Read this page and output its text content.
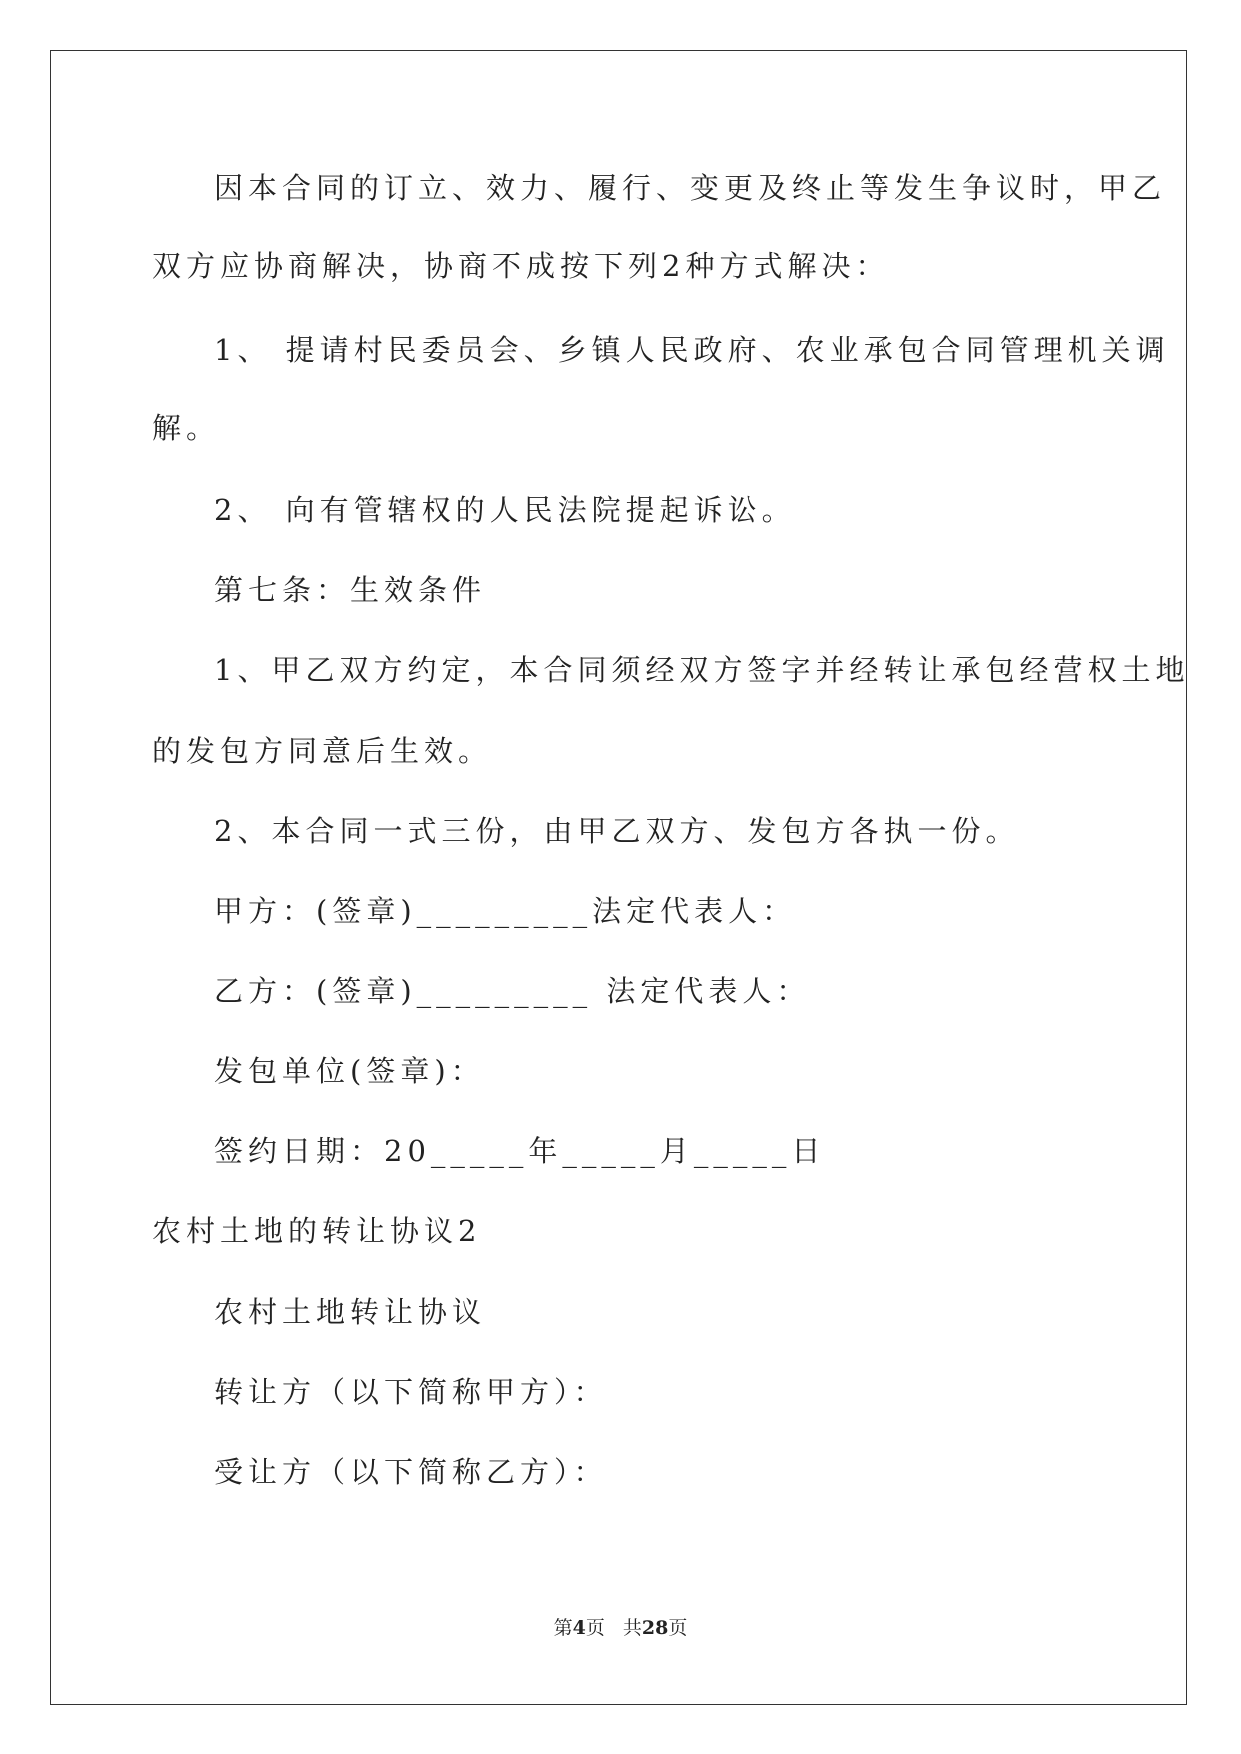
因本合同的订立、效力、履行、变更及终止等发生争议时，甲乙
双方应协商解决，协商不成按下列2种方式解决：
1、 提请村民委员会、乡镇人民政府、农业承包合同管理机关调
解。
2、 向有管辖权的人民法院提起诉讼。
第七条：生效条件
1、甲乙双方约定，本合同须经双方签字并经转让承包经营权土地
的发包方同意后生效。
2、本合同一式三份，由甲乙双方、发包方各执一份。
甲方：(签章)_________法定代表人：
乙方：(签章)_________ 法定代表人：
发包单位(签章)：
签约日期：20_____年_____月_____日
农村土地的转让协议2
农村土地转让协议
转让方（以下简称甲方）：
受让方（以下简称乙方）：
第4页 共28页
